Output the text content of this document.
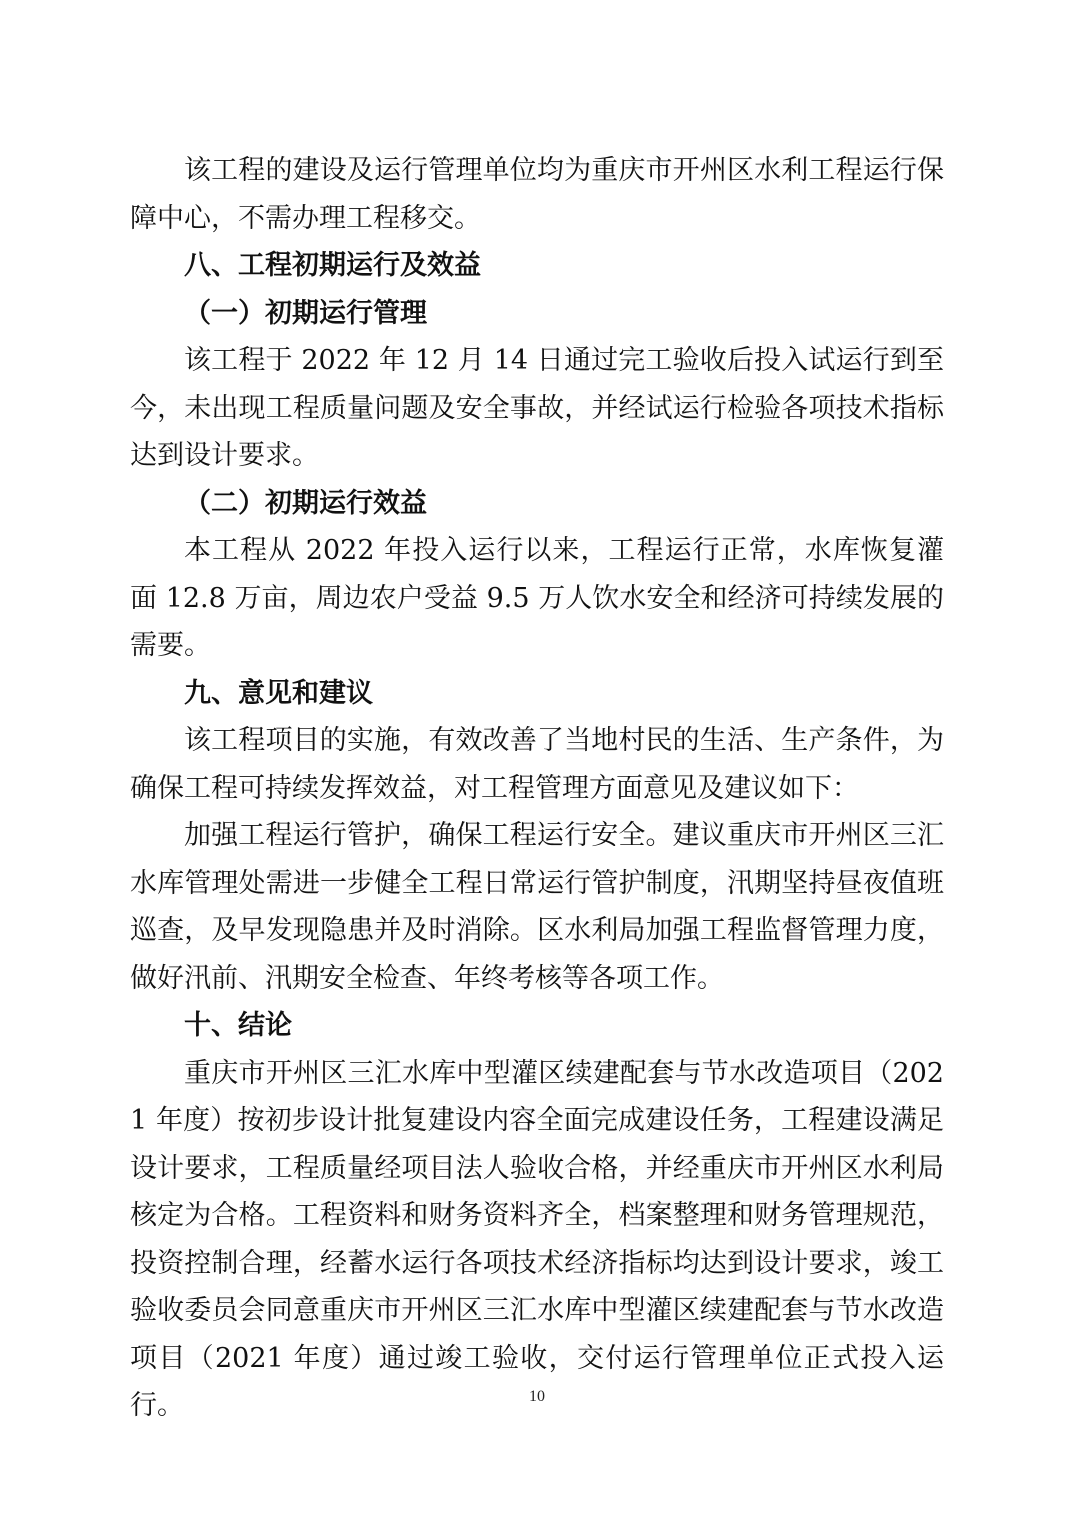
该工程的建设及运行管理单位均为重庆市开州区水利工程运行保障中心，不需办理工程移交。

八、工程初期运行及效益

（一）初期运行管理

该工程于 2022 年 12 月 14 日通过完工验收后投入试运行到至今，未出现工程质量问题及安全事故，并经试运行检验各项技术指标达到设计要求。

（二）初期运行效益

本工程从 2022 年投入运行以来，工程运行正常，水库恢复灌面 12.8 万亩，周边农户受益 9.5 万人饮水安全和经济可持续发展的需要。

九、意见和建议

该工程项目的实施，有效改善了当地村民的生活、生产条件，为确保工程可持续发挥效益，对工程管理方面意见及建议如下：

加强工程运行管护，确保工程运行安全。建议重庆市开州区三汇水库管理处需进一步健全工程日常运行管护制度，汛期坚持昼夜值班巡查，及早发现隐患并及时消除。区水利局加强工程监督管理力度，做好汛前、汛期安全检查、年终考核等各项工作。

十、结论

重庆市开州区三汇水库中型灌区续建配套与节水改造项目（2021 年度）按初步设计批复建设内容全面完成建设任务，工程建设满足设计要求，工程质量经项目法人验收合格，并经重庆市开州区水利局核定为合格。工程资料和财务资料齐全，档案整理和财务管理规范，投资控制合理，经蓄水运行各项技术经济指标均达到设计要求，竣工验收委员会同意重庆市开州区三汇水库中型灌区续建配套与节水改造项目（2021 年度）通过竣工验收，交付运行管理单位正式投入运行。	10
